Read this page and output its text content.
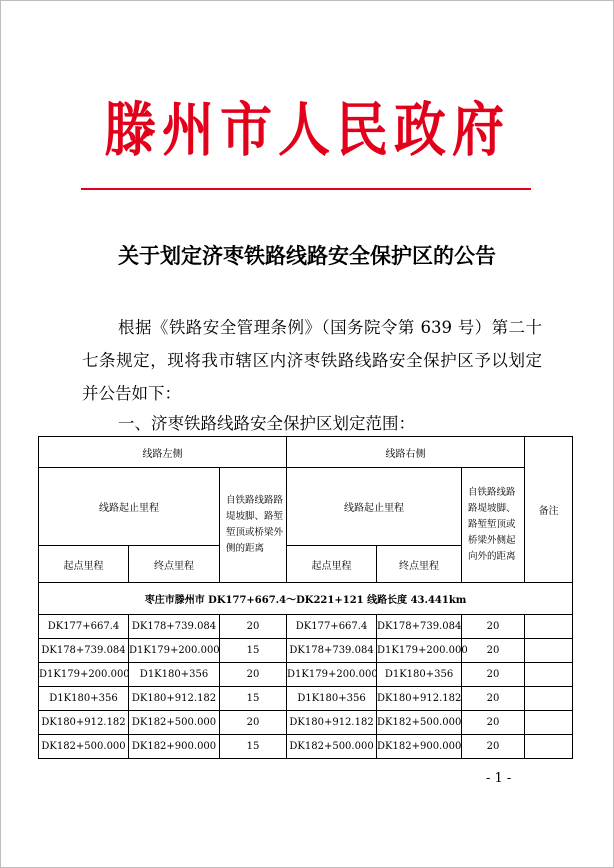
滕州市人民政府
关于划定济枣铁路线路安全保护区的公告
根据《铁路安全管理条例》（国务院令第 639 号）第二十七条规定，现将我市辖区内济枣铁路线路安全保护区予以划定并公告如下：
一、济枣铁路线路安全保护区划定范围：
线路左侧			线路右侧			备注
线路起止里程		自铁路线路路堤坡脚、路堑堑顶或桥梁外侧的距离	线路起止里程		自铁路线路路堤坡脚、路堑堑顶或桥梁外侧起向外的距离	
起点里程	终点里程		起点里程	终点里程		
枣庄市滕州市 DK177+667.4～DK221+121 线路长度 43.441km						
DK177+667.4	DK178+739.084	20	DK177+667.4	DK178+739.084	20	
DK178+739.084	D1K179+200.000	15	DK178+739.084	D1K179+200.000	20	
D1K179+200.000	D1K180+356	20	D1K179+200.000	D1K180+356	20	
D1K180+356	DK180+912.182	15	D1K180+356	DK180+912.182	20	
DK180+912.182	DK182+500.000	20	DK180+912.182	DK182+500.000	20	
DK182+500.000	DK182+900.000	15	DK182+500.000	DK182+900.000	20	
- 1 -
